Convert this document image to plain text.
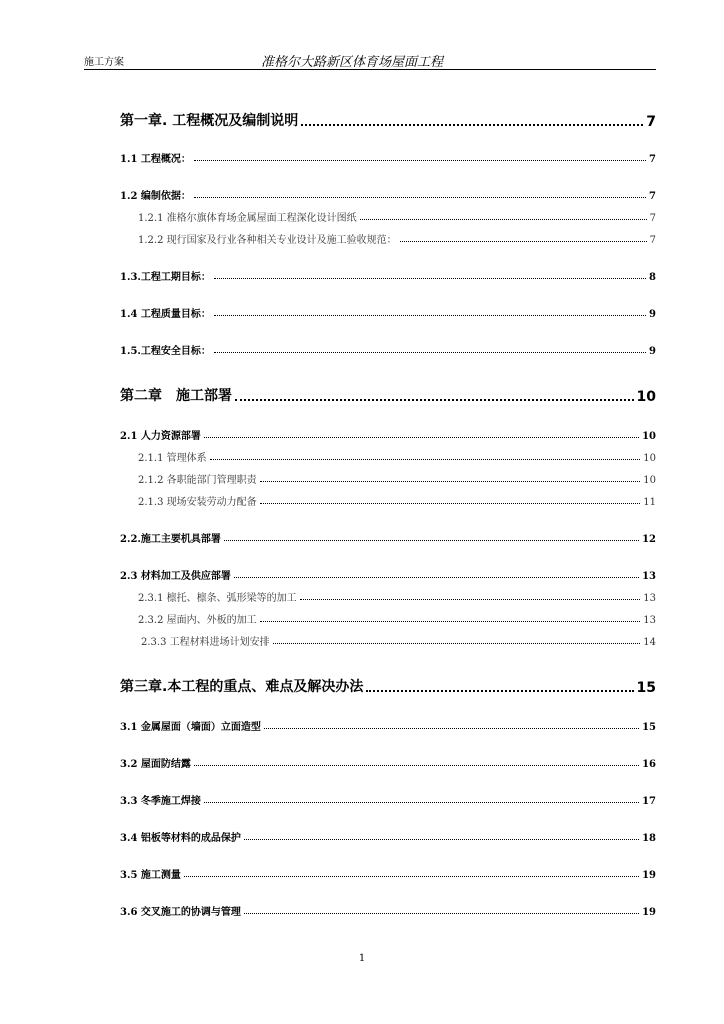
施工方案	准格尔大路新区体育场屋面工程
第一章. 工程概况及编制说明	7
1.1 工程概况：	7
1.2 编制依据：	7
1.2.1 准格尔旗体育场金属屋面工程深化设计图纸	7
1.2.2 现行国家及行业各种相关专业设计及施工验收规范：	7
1.3.工程工期目标：	8
1.4 工程质量目标：	9
1.5.工程安全目标：	9
第二章　施工部署	10
2.1 人力资源部署	10
2.1.1 管理体系	10
2.1.2 各职能部门管理职责	10
2.1.3 现场安装劳动力配备	11
2.2.施工主要机具部署	12
2.3 材料加工及供应部署	13
2.3.1 檩托、檩条、弧形梁等的加工	13
2.3.2 屋面内、外板的加工	13
2.3.3 工程材料进场计划安排	14
第三章.本工程的重点、难点及解决办法	15
3.1 金属屋面（墙面）立面造型	15
3.2 屋面防结露	16
3.3 冬季施工焊接	17
3.4 铝板等材料的成品保护	18
3.5 施工测量	19
3.6 交叉施工的协调与管理	19
1
